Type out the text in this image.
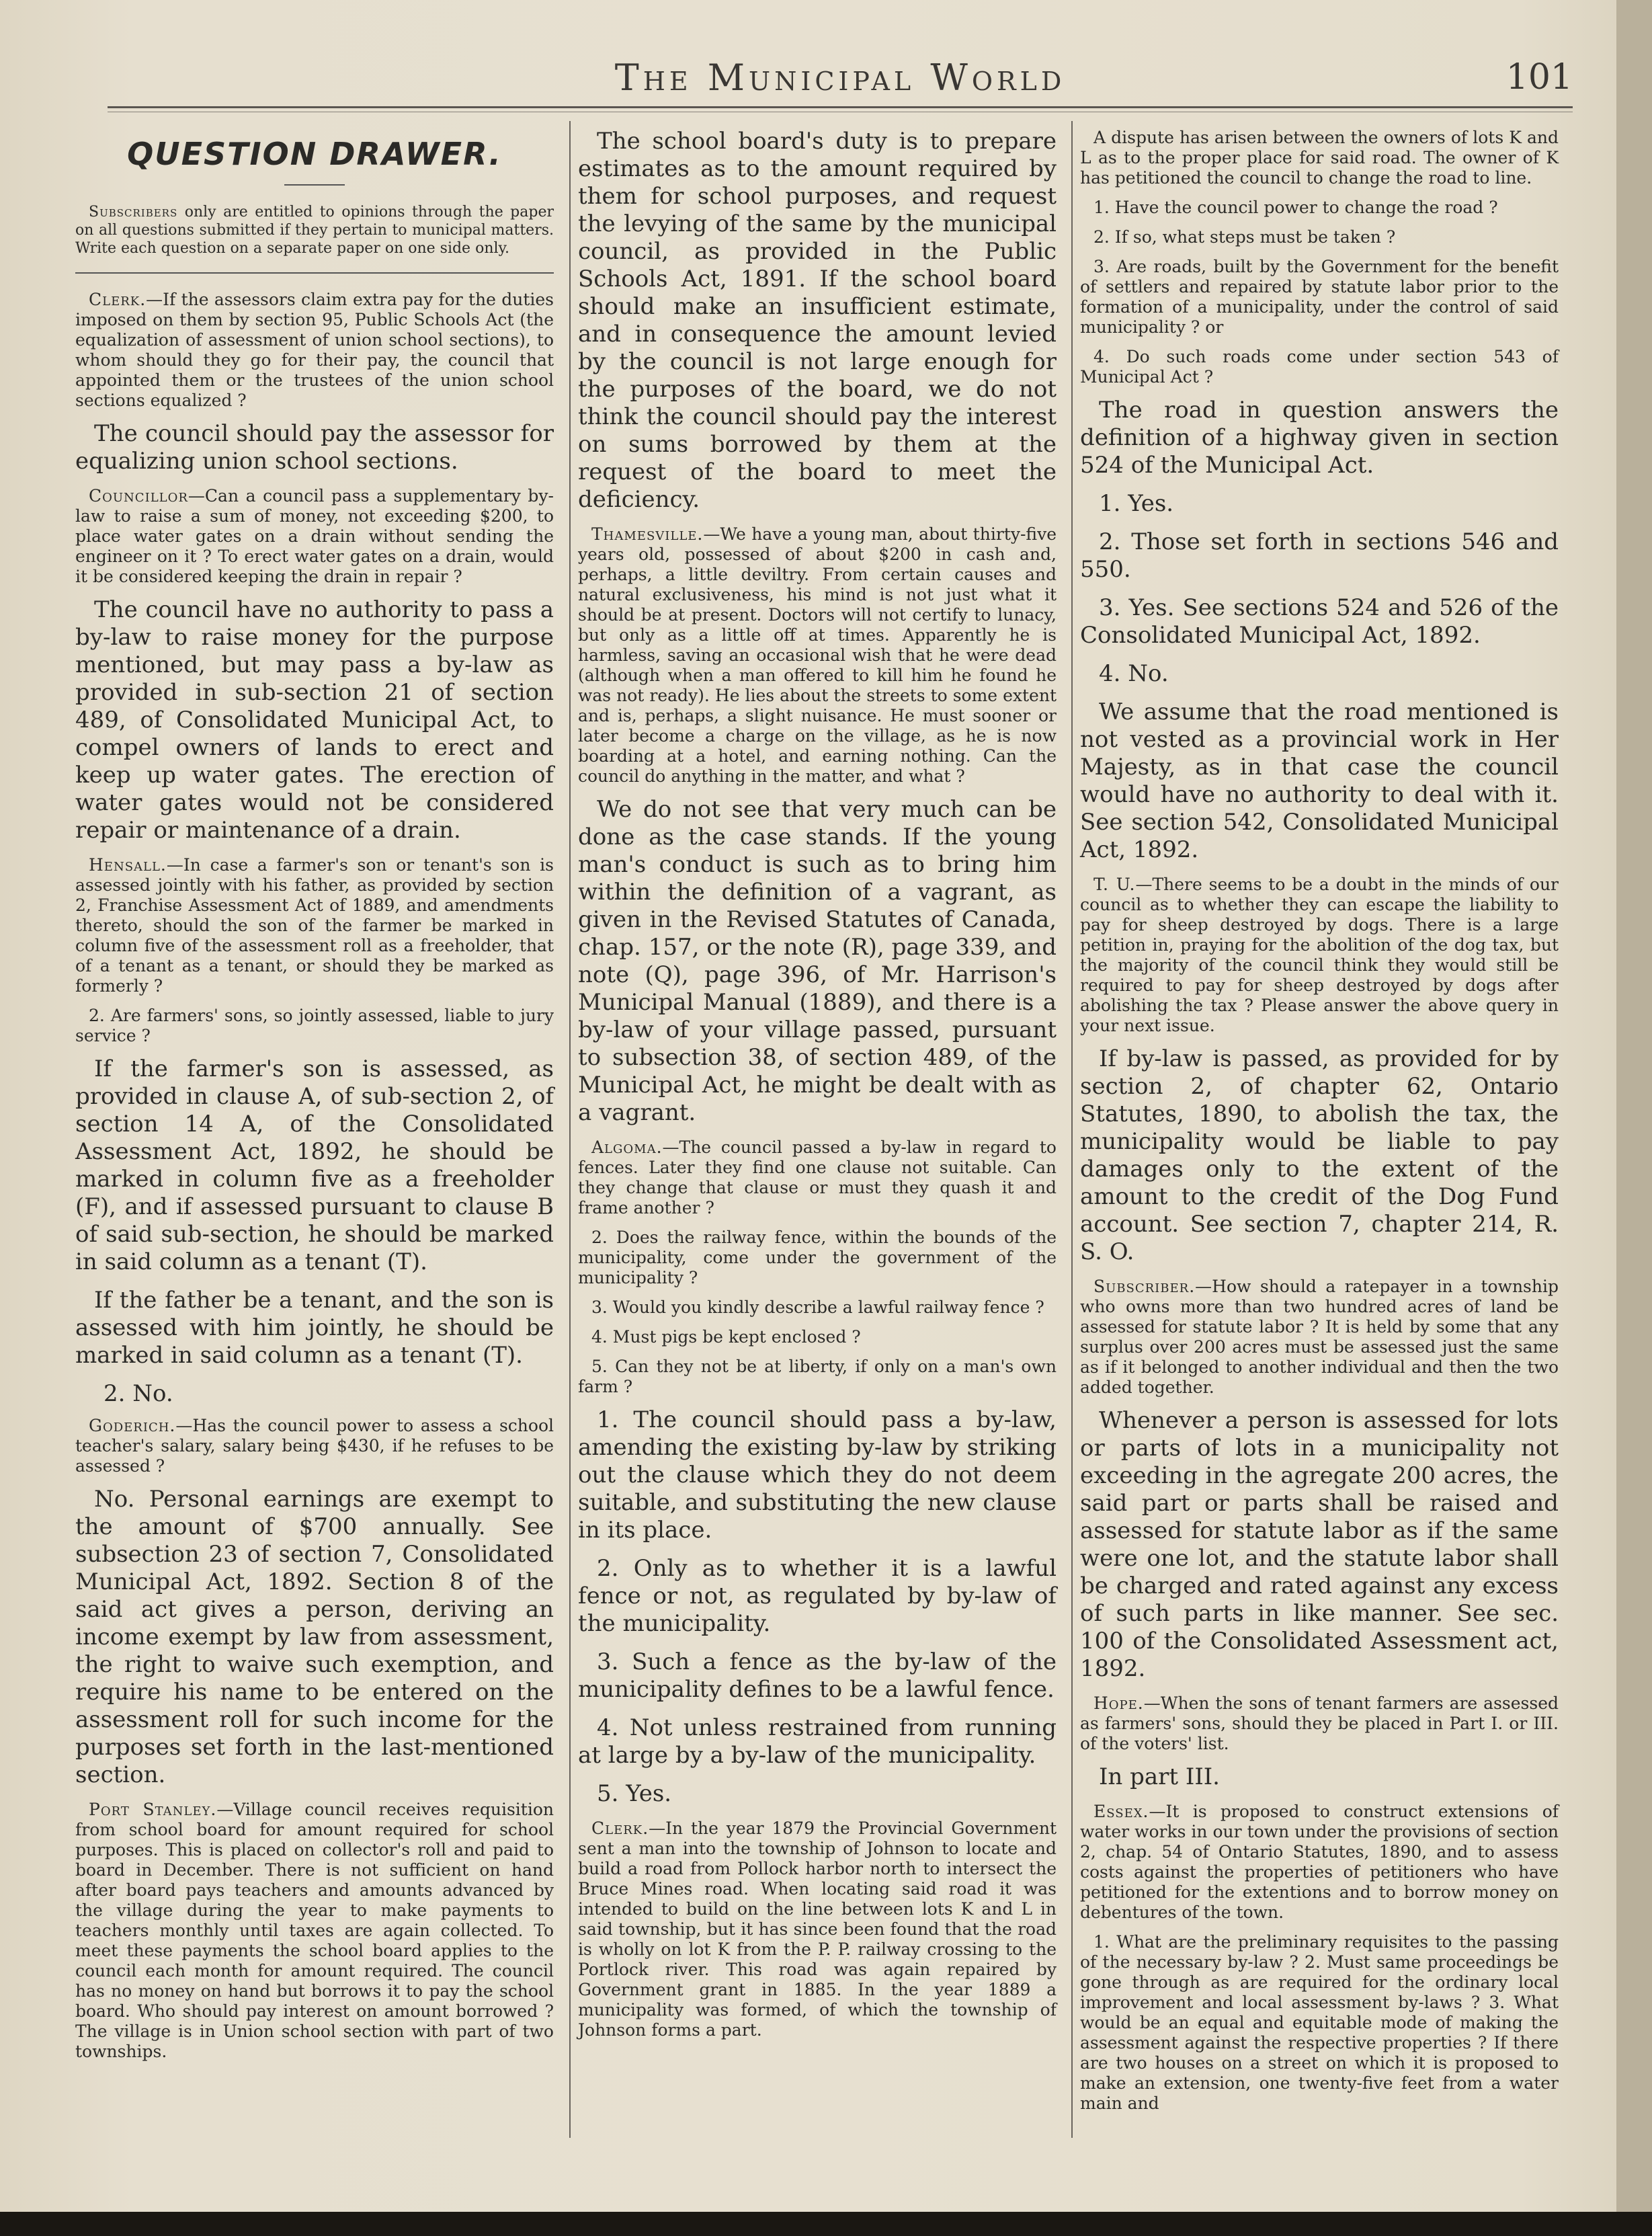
The Municipal World	101
QUESTION DRAWER.

Subscribers only are entitled to opinions through the paper on all questions submitted if they pertain to municipal matters. Write each question on a separate paper on one side only.

Clerk.—If the assessors claim extra pay for the duties imposed on them by section 95, Public Schools Act (the equalization of assessment of union school sections), to whom should they go for their pay, the council that appointed them or the trustees of the union school sections equalized ?

The council should pay the assessor for equalizing union school sections.

Councillor—Can a council pass a supplementary by-law to raise a sum of money, not exceeding $200, to place water gates on a drain without sending the engineer on it ? To erect water gates on a drain, would it be considered keeping the drain in repair ?

The council have no authority to pass a by-law to raise money for the purpose mentioned, but may pass a by-law as provided in sub-section 21 of section 489, of Consolidated Municipal Act, to compel owners of lands to erect and keep up water gates. The erection of water gates would not be considered repair or maintenance of a drain.

Hensall.—In case a farmer's son or tenant's son is assessed jointly with his father, as provided by section 2, Franchise Assessment Act of 1889, and amendments thereto, should the son of the farmer be marked in column five of the assessment roll as a freeholder, that of a tenant as a tenant, or should they be marked as formerly ?

2. Are farmers' sons, so jointly assessed, liable to jury service ?

If the farmer's son is assessed, as provided in clause A, of sub-section 2, of section 14 A, of the Consolidated Assessment Act, 1892, he should be marked in column five as a freeholder (F), and if assessed pursuant to clause B of said sub-section, he should be marked in said column as a tenant (T).

If the father be a tenant, and the son is assessed with him jointly, he should be marked in said column as a tenant (T).

2. No.

Goderich.—Has the council power to assess a school teacher's salary, salary being $430, if he refuses to be assessed ?

No. Personal earnings are exempt to the amount of $700 annually. See subsection 23 of section 7, Consolidated Municipal Act, 1892. Section 8 of the said act gives a person, deriving an income exempt by law from assessment, the right to waive such exemption, and require his name to be entered on the assessment roll for such income for the purposes set forth in the last-mentioned section.

Port Stanley.—Village council receives requisition from school board for amount required for school purposes. This is placed on collector's roll and paid to board in December. There is not sufficient on hand after board pays teachers and amounts advanced by the village during the year to make payments to teachers monthly until taxes are again collected. To meet these payments the school board applies to the council each month for amount required. The council has no money on hand but borrows it to pay the school board. Who should pay interest on amount borrowed ? The village is in Union school section with part of two townships.

The school board's duty is to prepare estimates as to the amount required by them for school purposes, and request the levying of the same by the municipal council, as provided in the Public Schools Act, 1891. If the school board should make an insufficient estimate, and in consequence the amount levied by the council is not large enough for the purposes of the board, we do not think the council should pay the interest on sums borrowed by them at the request of the board to meet the deficiency.

Thamesville.—We have a young man, about thirty-five years old, possessed of about $200 in cash and, perhaps, a little deviltry. From certain causes and natural exclusiveness, his mind is not just what it should be at present. Doctors will not certify to lunacy, but only as a little off at times. Apparently he is harmless, saving an occasional wish that he were dead (although when a man offered to kill him he found he was not ready). He lies about the streets to some extent and is, perhaps, a slight nuisance. He must sooner or later become a charge on the village, as he is now boarding at a hotel, and earning nothing. Can the council do anything in the matter, and what ?

We do not see that very much can be done as the case stands. If the young man's conduct is such as to bring him within the definition of a vagrant, as given in the Revised Statutes of Canada, chap. 157, or the note (R), page 339, and note (Q), page 396, of Mr. Harrison's Municipal Manual (1889), and there is a by-law of your village passed, pursuant to subsection 38, of section 489, of the Municipal Act, he might be dealt with as a vagrant.

Algoma.—The council passed a by-law in regard to fences. Later they find one clause not suitable. Can they change that clause or must they quash it and frame another ?

2. Does the railway fence, within the bounds of the municipality, come under the government of the municipality ?

3. Would you kindly describe a lawful railway fence ?

4. Must pigs be kept enclosed ?

5. Can they not be at liberty, if only on a man's own farm ?

1. The council should pass a by-law, amending the existing by-law by striking out the clause which they do not deem suitable, and substituting the new clause in its place.

2. Only as to whether it is a lawful fence or not, as regulated by by-law of the municipality.

3. Such a fence as the by-law of the municipality defines to be a lawful fence.

4. Not unless restrained from running at large by a by-law of the municipality.

5. Yes.

Clerk.—In the year 1879 the Provincial Government sent a man into the township of Johnson to locate and build a road from Pollock harbor north to intersect the Bruce Mines road. When locating said road it was intended to build on the line between lots K and L in said township, but it has since been found that the road is wholly on lot K from the P. P. railway crossing to the Portlock river. This road was again repaired by Government grant in 1885. In the year 1889 a municipality was formed, of which the township of Johnson forms a part.

A dispute has arisen between the owners of lots K and L as to the proper place for said road. The owner of K has petitioned the council to change the road to line.

1. Have the council power to change the road ?

2. If so, what steps must be taken ?

3. Are roads, built by the Government for the benefit of settlers and repaired by statute labor prior to the formation of a municipality, under the control of said municipality ? or

4. Do such roads come under section 543 of Municipal Act ?

The road in question answers the definition of a highway given in section 524 of the Municipal Act.

1. Yes.

2. Those set forth in sections 546 and 550.

3. Yes. See sections 524 and 526 of the Consolidated Municipal Act, 1892.

4. No.

We assume that the road mentioned is not vested as a provincial work in Her Majesty, as in that case the council would have no authority to deal with it. See section 542, Consolidated Municipal Act, 1892.

T. U.—There seems to be a doubt in the minds of our council as to whether they can escape the liability to pay for sheep destroyed by dogs. There is a large petition in, praying for the abolition of the dog tax, but the majority of the council think they would still be required to pay for sheep destroyed by dogs after abolishing the tax ? Please answer the above query in your next issue.

If by-law is passed, as provided for by section 2, of chapter 62, Ontario Statutes, 1890, to abolish the tax, the municipality would be liable to pay damages only to the extent of the amount to the credit of the Dog Fund account. See section 7, chapter 214, R. S. O.

Subscriber.—How should a ratepayer in a township who owns more than two hundred acres of land be assessed for statute labor ? It is held by some that any surplus over 200 acres must be assessed just the same as if it belonged to another individual and then the two added together.

Whenever a person is assessed for lots or parts of lots in a municipality not exceeding in the agregate 200 acres, the said part or parts shall be raised and assessed for statute labor as if the same were one lot, and the statute labor shall be charged and rated against any excess of such parts in like manner. See sec. 100 of the Consolidated Assessment act, 1892.

Hope.—When the sons of tenant farmers are assessed as farmers' sons, should they be placed in Part I. or III. of the voters' list.

In part III.

Essex.—It is proposed to construct extensions of water works in our town under the provisions of section 2, chap. 54 of Ontario Statutes, 1890, and to assess costs against the properties of petitioners who have petitioned for the extentions and to borrow money on debentures of the town.

1. What are the preliminary requisites to the passing of the necessary by-law ? 2. Must same proceedings be gone through as are required for the ordinary local improvement and local assessment by-laws ? 3. What would be an equal and equitable mode of making the assessment against the respective properties ? If there are two houses on a street on which it is proposed to make an extension, one twenty-five feet from a water main and
